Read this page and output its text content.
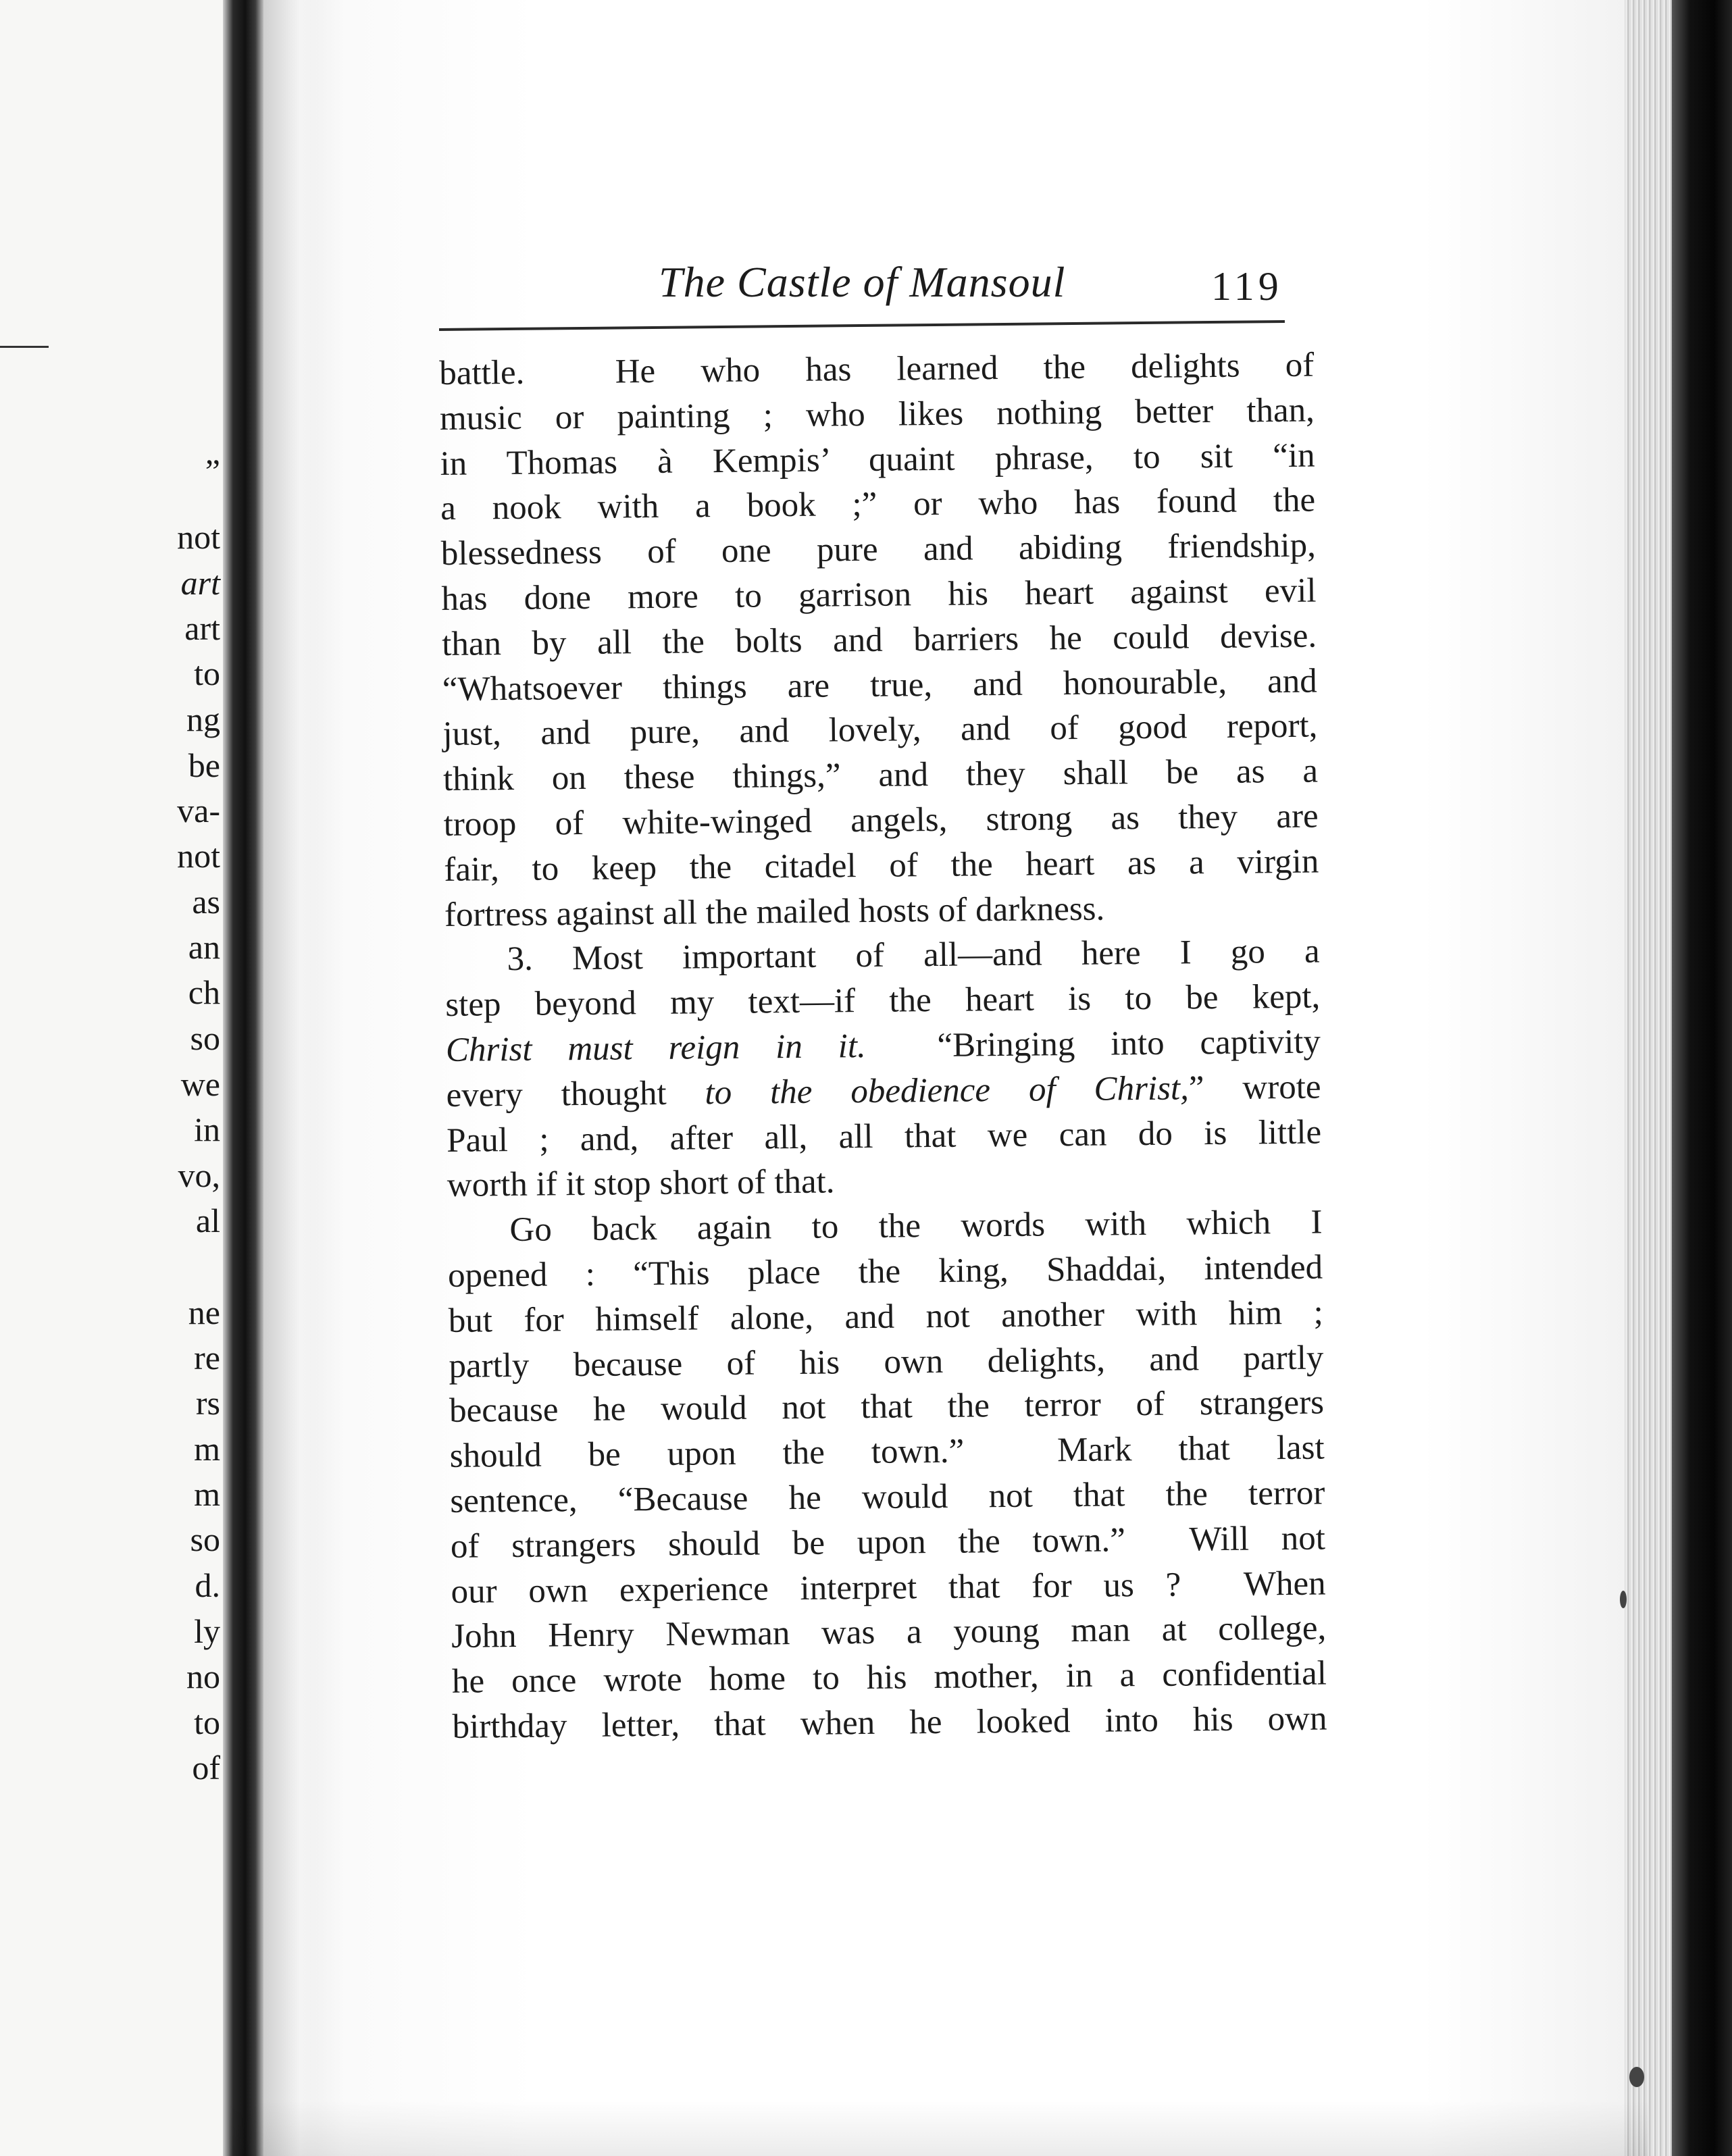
”
not
art
art
to
ng
be
va-
not
as
an
ch
so
we
in
vo,
al
ne
re
rs
m
m
so
d.
ly
no
to
of
The Castle of Mansoul	119
battle.  He who has learned the delights of
music or painting ; who likes nothing better than,
in Thomas à Kempis’ quaint phrase, to sit “in
a nook with a book ;” or who has found the
blessedness of one pure and abiding friendship,
has done more to garrison his heart against evil
than by all the bolts and barriers he could devise.
“Whatsoever things are true, and honourable, and
just, and pure, and lovely, and of good report,
think on these things,” and they shall be as a
troop of white-winged angels, strong as they are
fair, to keep the citadel of the heart as a virgin
fortress against all the mailed hosts of darkness.
3. Most important of all—and here I go a
step beyond my text—if the heart is to be kept,
Christ must reign in it.  “Bringing into captivity
every thought to the obedience of Christ,” wrote
Paul ; and, after all, all that we can do is little
worth if it stop short of that.
Go back again to the words with which I
opened : “This place the king, Shaddai, intended
but for himself alone, and not another with him ;
partly because of his own delights, and partly
because he would not that the terror of strangers
should be upon the town.”  Mark that last
sentence, “Because he would not that the terror
of strangers should be upon the town.”  Will not
our own experience interpret that for us ?  When
John Henry Newman was a young man at college,
he once wrote home to his mother, in a confidential
birthday letter, that when he looked into his own
